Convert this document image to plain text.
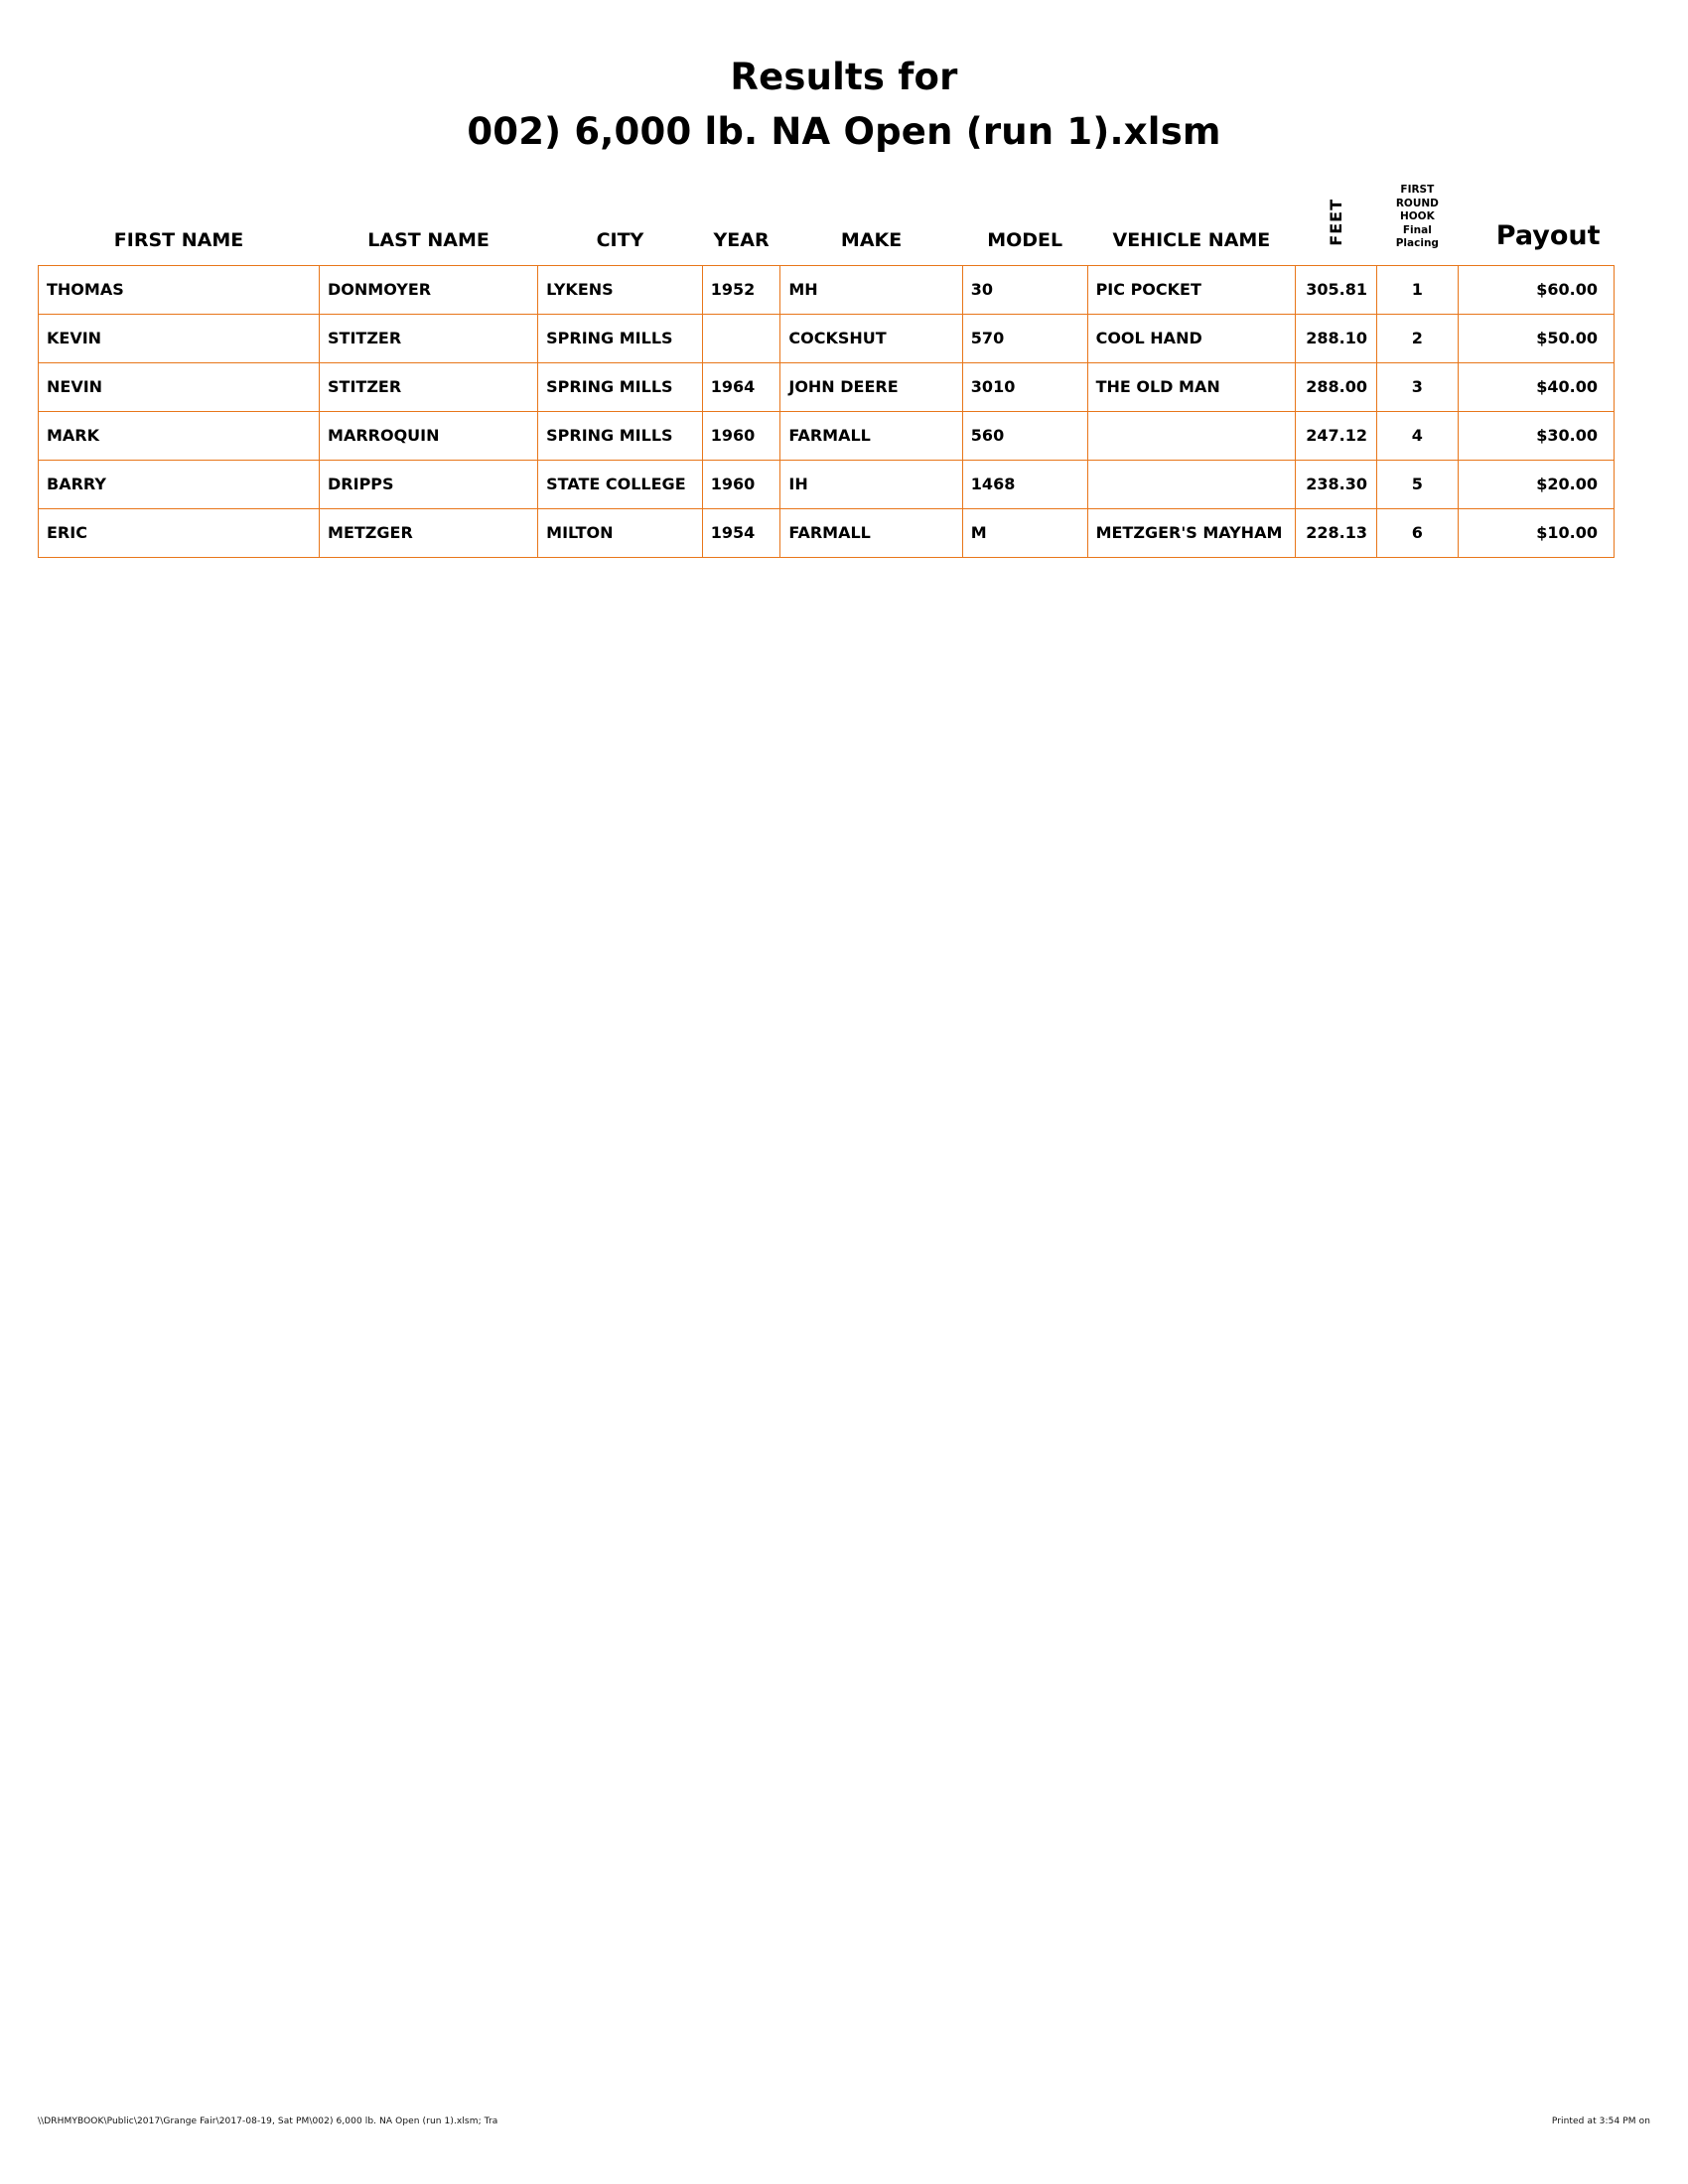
Results for
002) 6,000 lb. NA Open (run 1).xlsm
FIRST NAME	LAST NAME	CITY	YEAR	MAKE	MODEL	VEHICLE NAME	FEET	FIRST
ROUND
HOOK
Final
Placing	Payout
THOMAS	DONMOYER	LYKENS	1952	MH	30	PIC POCKET	305.81	1	$60.00
KEVIN	STITZER	SPRING MILLS		COCKSHUT	570	COOL HAND	288.10	2	$50.00
NEVIN	STITZER	SPRING MILLS	1964	JOHN DEERE	3010	THE OLD MAN	288.00	3	$40.00
MARK	MARROQUIN	SPRING MILLS	1960	FARMALL	560		247.12	4	$30.00
BARRY	DRIPPS	STATE COLLEGE	1960	IH	1468		238.30	5	$20.00
ERIC	METZGER	MILTON	1954	FARMALL	M	METZGER'S MAYHAM	228.13	6	$10.00
\\DRHMYBOOK\Public\2017\Grange Fair\2017-08-19, Sat PM\002) 6,000 lb. NA Open (run 1).xlsm; Tra	Printed at 3:54 PM on
